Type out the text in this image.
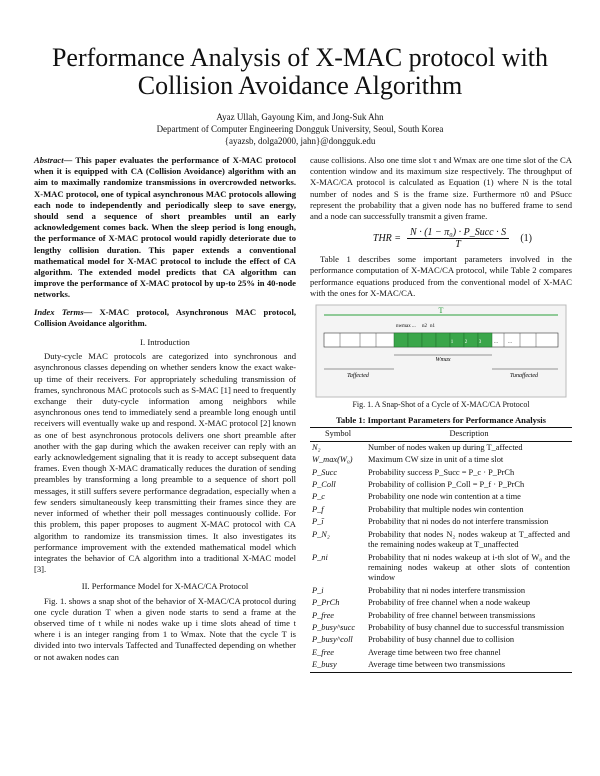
Performance Analysis of X-MAC protocol with Collision Avoidance Algorithm
Ayaz Ullah, Gayoung Kim, and Jong-Suk Ahn
Department of Computer Engineering Dongguk University, Seoul, South Korea
{ayazsb, dolga2000, jahn}@dongguk.edu

Abstract— This paper evaluates the performance of X-MAC protocol when it is equipped with CA (Collision Avoidance) algorithm with an aim to maximally randomize transmissions in overcrowded networks. X-MAC protocol, one of typical asynchronous MAC protocols allowing each node to independently and periodically sleep to save energy, should send a sequence of short preambles until an early acknowledgement comes back. When the sleep period is long enough, the performance of X-MAC protocol would rapidly deteriorate due to lengthy collision duration. This paper extends a conventional mathematical model for X-MAC protocol to include the effect of CA algorithm. The extended model predicts that CA algorithm can improve the performance of X-MAC protocol by up-to 25% in 40-node networks.

Index Terms— X-MAC protocol, Asynchronous MAC protocol, Collision Avoidance algorithm.

I. Introduction

Duty-cycle MAC protocols are categorized into synchronous and asynchronous classes depending on whether senders know the exact wake-up time of their receivers. For appropriately scheduling transmission of frames, synchronous MAC protocols such as S-MAC [1] need to frequently exchange their duty-cycle information among neighbors while asynchronous ones tend to immediately send a preamble long enough until receivers will eventually wake up and respond. X-MAC protocol [2] known as one of best asynchronous protocols delivers one short preamble after another with the gap during which the awaken receiver can reply with an early acknowledgement signaling that it is ready to accept subsequent data frames. Even though X-MAC dramatically reduces the duration of sending preambles by transforming a long preamble to a sequence of short poll messages, it still suffers severe performance degradation, especially when a few senders simultaneously keep transmitting their frames since they are never informed of whether their poll messages continuously collide. For this problem, this paper proposes to augment X-MAC protocol with CA algorithm to randomize its transmission times. It also investigates its performance improvement with the extended mathematical model which integrates the behavior of CA algorithm into a traditional X-MAC model [3].

II. Performance Model for X-MAC/CA Protocol

Fig. 1. shows a snap shot of the behavior of X-MAC/CA protocol during one cycle duration T when a given node starts to send a frame at the observed time of t while ni nodes wake up i time slots ahead of time t where i is an integer ranging from 1 to Wmax. Note that the cycle T is divided into two intervals Taffected and Tunaffected depending on whether or not awaken nodes can

cause collisions. Also one time slot τ and Wmax are one time slot of the CA contention window and its maximum size respectively. The throughput of X-MAC/CA protocol is calculated as Equation (1) where N is the total number of nodes and S is the frame size. Furthermore π0 and PSucc represent the probability that a given node has no buffered frame to send and a node can successfully transmit a given frame.

THR = $\frac{\text{N · (1 − π₀) · P\_Succ · S}}{T} (1)$

Table 1 describes some important parameters involved in the performance computation of X-MAC/CA protocol, while Table 2 compares performance equations produced from the conventional model of X-MAC with the ones for X-MAC/CA.

T
nwmax ... n2 n1
1 2 3	... ...
Wmax
Taffected	Tunaffected
Fig. 1. A Snap-Shot of a Cycle of X-MAC/CA Protocol
Table 1: Important Parameters for Performance Analysis
Symbol	Description
N₂	Number of nodes waken up during T_affected
W_max(W₀)	Maximum CW size in unit of a time slot
P_Succ	Probability success P_Succ = P_c · P_PrCh
P_Coll	Probability of collision P_Coll = P_f · P_PrCh
P_c	Probability one node win contention at a time
P_f	Probability that multiple nodes win contention
P_ī	Probability that ni nodes do not interfere transmission
P_N₂	Probability that nodes N₂ nodes wakeup at T_affected and the remaining nodes wakeup at T_unaffected
P_ni	Probability that ni nodes wakeup at i-th slot of W₀ and the remaining nodes wakeup at other slots of contention window
P_i	Probability that ni nodes interfere transmission
P_PrCh	Probability of free channel when a node wakeup
P_free	Probability of free channel between transmissions
P_busy^succ	Probability of busy channel due to successful transmission
P_busy^coll	Probability of busy channel due to collision
E_free	Average time between two free channel
E_busy	Average time between two transmissions
